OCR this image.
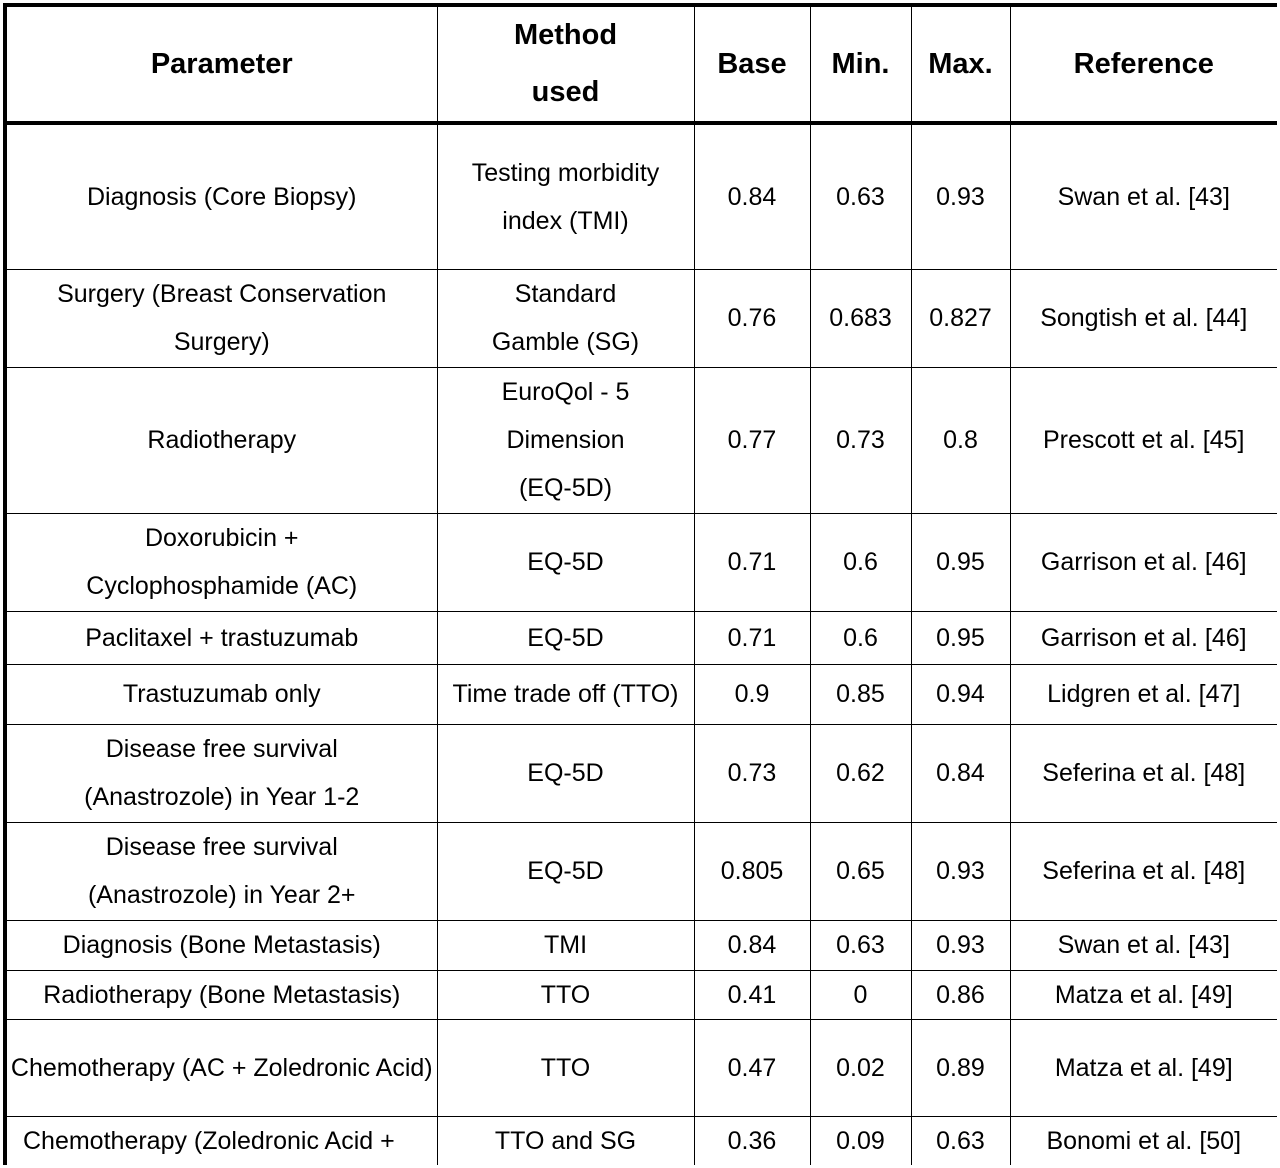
Parameter	Method used	Base	Min.	Max.	Reference
Diagnosis (Core Biopsy)	Testing morbidity index (TMI)	0.84	0.63	0.93	Swan et al. [43]
Surgery (Breast Conservation Surgery)	Standard Gamble (SG)	0.76	0.683	0.827	Songtish et al. [44]
Radiotherapy	EuroQol - 5 Dimension (EQ-5D)	0.77	0.73	0.8	Prescott et al. [45]
Doxorubicin + Cyclophosphamide (AC)	EQ-5D	0.71	0.6	0.95	Garrison et al. [46]
Paclitaxel + trastuzumab	EQ-5D	0.71	0.6	0.95	Garrison et al. [46]
Trastuzumab only	Time trade off (TTO)	0.9	0.85	0.94	Lidgren et al. [47]
Disease free survival (Anastrozole) in Year 1-2	EQ-5D	0.73	0.62	0.84	Seferina et al. [48]
Disease free survival (Anastrozole) in Year 2+	EQ-5D	0.805	0.65	0.93	Seferina et al. [48]
Diagnosis (Bone Metastasis)	TMI	0.84	0.63	0.93	Swan et al. [43]
Radiotherapy (Bone Metastasis)	TTO	0.41	0	0.86	Matza et al. [49]
Chemotherapy (AC + Zoledronic Acid)	TTO	0.47	0.02	0.89	Matza et al. [49]
Chemotherapy (Zoledronic Acid +	TTO and SG	0.36	0.09	0.63	Bonomi et al. [50]
